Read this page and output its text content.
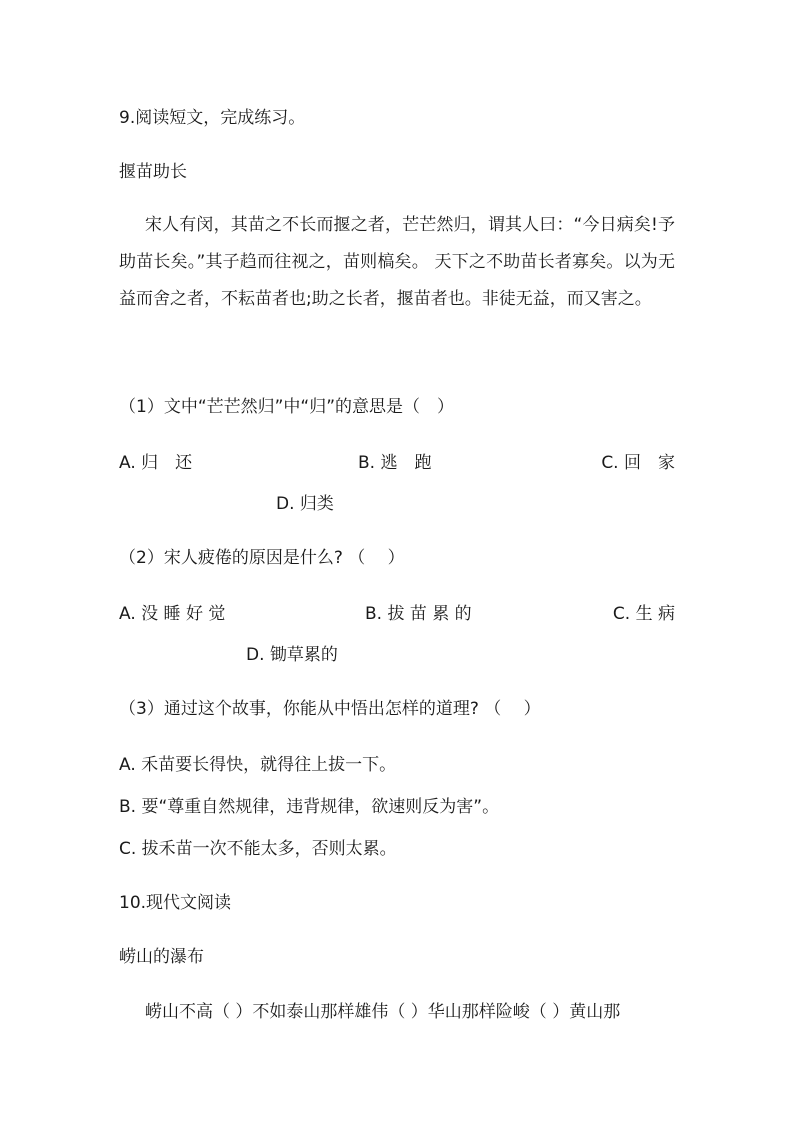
9.阅读短文，完成练习。
揠苗助长

宋人有闵，其苗之不长而揠之者，芒芒然归，谓其人曰：“今日病矣!予助苗长矣。”其子趋而往视之，苗则槁矣。 天下之不助苗长者寡矣。以为无益而舍之者，不耘苗者也;助之长者，揠苗者也。非徒无益，而又害之。

（1）文中“芒芒然归”中“归”的意思是（　）
A. 归　还	B. 逃　跑	C. 回　家
D. 归类
（2）宋人疲倦的原因是什么? （　 ）
A. 没 睡 好 觉	B. 拔 苗 累 的	C. 生 病
D. 锄草累的
（3）通过这个故事，你能从中悟出怎样的道理? （　 ）
A. 禾苗要长得快，就得往上拔一下。
B. 要“尊重自然规律，违背规律，欲速则反为害”。
C. 拔禾苗一次不能太多，否则太累。
10.现代文阅读
崂山的瀑布
崂山不高（ ）不如泰山那样雄伟（ ）华山那样险峻（ ）黄山那
